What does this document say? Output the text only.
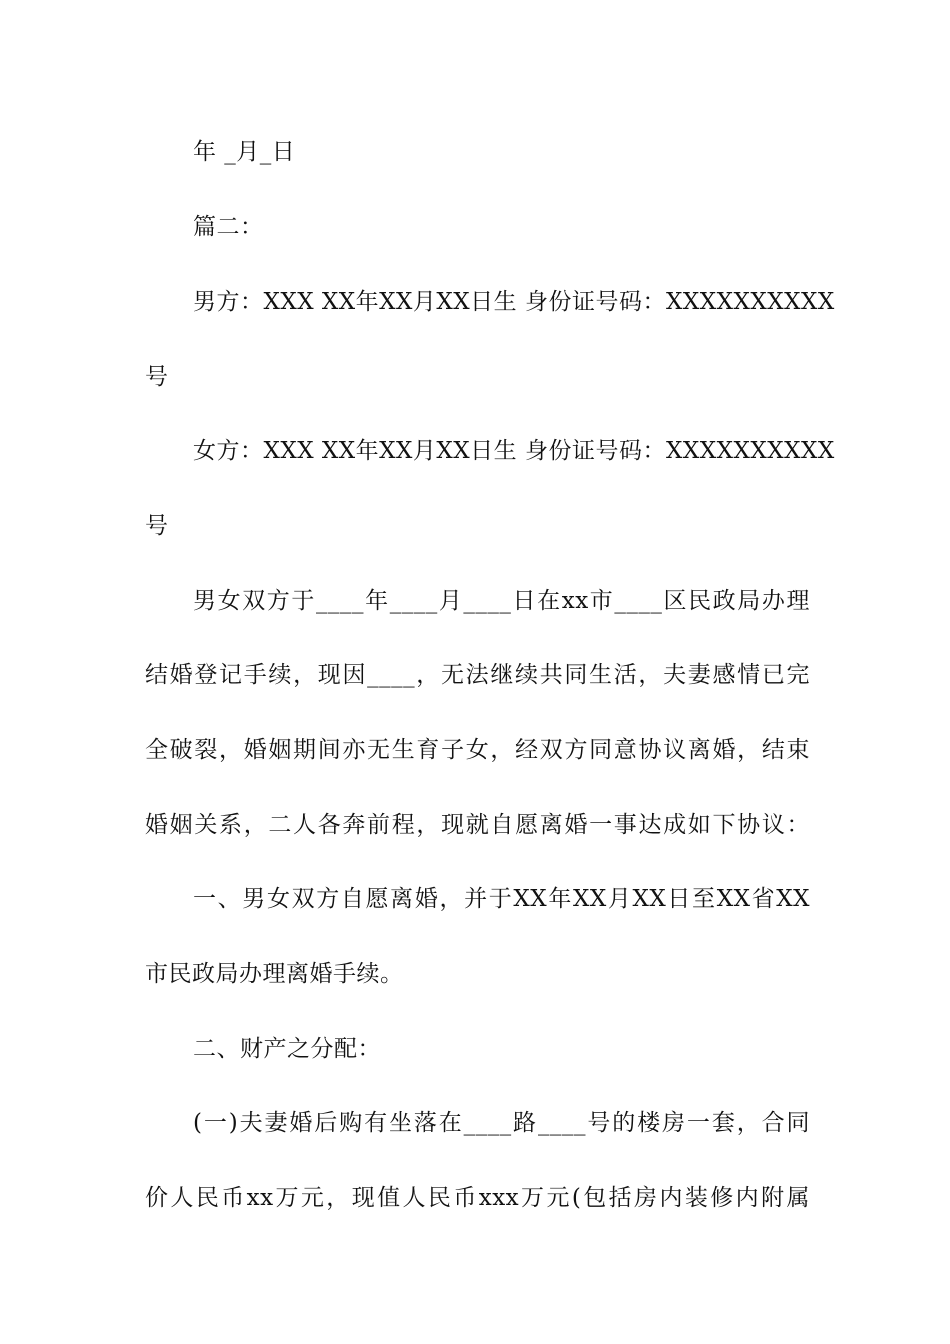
年 _月_日
篇二：
男方：XXX XX年XX月XX日生 身份证号码：XXXXXXXXXX
号
女方：XXX XX年XX月XX日生 身份证号码：XXXXXXXXXX
号
男女双方于____年____月____日在xx市____区民政局办理
结婚登记手续，现因____，无法继续共同生活，夫妻感情已完
全破裂，婚姻期间亦无生育子女，经双方同意协议离婚，结束
婚姻关系，二人各奔前程，现就自愿离婚一事达成如下协议：
一、男女双方自愿离婚，并于XX年XX月XX日至XX省XX
市民政局办理离婚手续。
二、财产之分配：
(一)夫妻婚后购有坐落在____路____号的楼房一套，合同
价人民币xx万元，现值人民币xxx万元(包括房内装修内附属
